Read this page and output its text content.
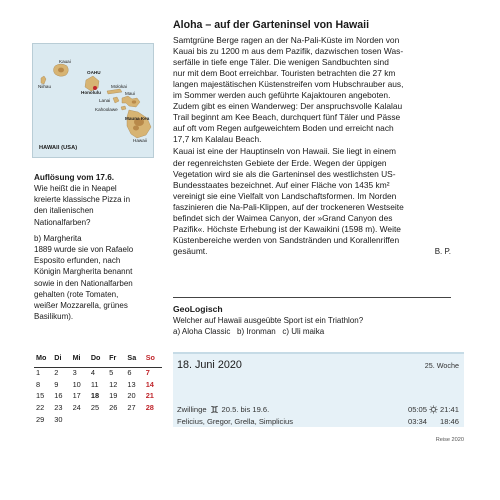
Kauai
Niihau
OAHU
Honolulu
Molokai
Lanai
Maui
Kahoolawe
Mauna Kea
Hawaii
HAWAII (USA)
Auflösung vom 17.6.

Wie heißt die in Neapel

kreierte klassische Pizza in

den italienischen

Nationalfarben?

b) Margherita

1889 wurde sie von Rafaelo

Esposito erfunden, nach

Königin Margherita benannt

sowie in den Nationalfarben

gehalten (rote Tomaten,

weißer Mozzarella, grünes

Basilikum).

Aloha – auf der Garteninsel von Hawaii

Samtgrüne Berge ragen an der Na-Pali-Küste im Norden von

Kauai bis zu 1200 m aus dem Pazifik, dazwischen tosen Was-

serfälle in tiefe enge Täler. Die wenigen Sandbuchten sind

nur mit dem Boot erreichbar. Touristen betrachten die 27 km

langen majestätischen Küstenstreifen vom Hubschrauber aus,

im Sommer werden auch geführte Kajaktouren angeboten.

Zudem gibt es einen Wanderweg: Der anspruchsvolle Kalalau

Trail beginnt am Kee Beach, durchquert fünf Täler und Pässe

auf oft vom Regen aufgeweichtem Boden und erreicht nach

17,7 km Kalalau Beach.

Kauai ist eine der Hauptinseln von Hawaii. Sie liegt in einem

der regenreichsten Gebiete der Erde. Wegen der üppigen

Vegetation wird sie als die Garteninsel des westlichsten US-

Bundesstaates bezeichnet. Auf einer Fläche von 1435 km²

vereinigt sie eine Vielfalt von Landschaftsformen. Im Norden

faszinieren die Na-Pali-Klippen, auf der trockeneren Westseite

befindet sich der Waimea Canyon, der »Grand Canyon des

Pazifik«. Höchste Erhebung ist der Kawaikini (1598 m). Weite

Küstenbereiche werden von Sandstränden und Korallenriffen

gesäumt.	B. P.

GeoLogisch

Welcher auf Hawaii ausgeübte Sport ist ein Triathlon?

a) Aloha Classic   b) Ironman   c) Uli maika

Mo	Di	Mi	Do	Fr	Sa	So
1	2	3	4	5	6	7
8	9	10	11	12	13	14
15	16	17	18	19	20	21
22	23	24	25	26	27	28
29	30
18. Juni 2020	25. Woche
Zwillinge 20.5. bis 19.6.
Felicius, Gregor, Grella, Simplicius
05:05 21:41
03:34 18:46
Reise 2020
